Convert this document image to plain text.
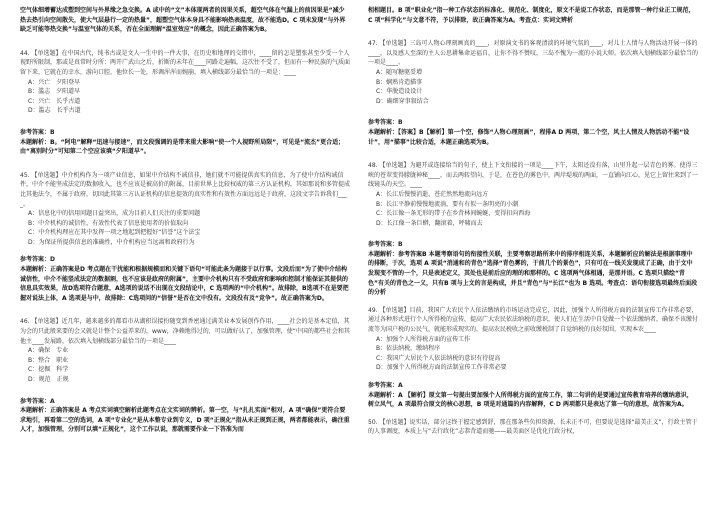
空气体细增蓄达成塑到空间与外界缘之急交换。A 或中的“文”本体现两者的因果关系，超空气体在气漏上的前因果是“减少热去热引向空间散失，使大气层悬行一定的热量”，超塑空气体本身具不能影响热表温度，故不能选D。C 项未发现“与外界缺乏可能等热交换”与温室气体的关系，否在全面理解“温室效应”的概念，因此正确答案为B。

44. 【单选题】在中国古代，纯书古或是文人一生中的一件大事，在历史和地理的交错中，____留的怎是塑张甚至少受一个人视野所限制，那或是真常时分所：两开广武山之后，折断的未年在____同路走遍幅，这次往不受了，但而有一种民族的气质面留下来，它就在的幸水，游向口腔，他位长一处，形调浑浑而婉崩，填入横线部分最恰当的一项是：____

A：兴亡　夕阳登早

B：滥志　夕阳道早

C：兴亡　长乎古道

D：滥志　长乎古道

参考答案：B

本题解析：B。“阿电”解释“迅速与接速”，而文段强调的是带来重大影响“使一个人视野所局限”，可见是“流杰”更合适；由“离别时分”可知第二个空应该填“夕阳道早”。

45. 【单选题】中介机构作为一项产业信息，如果中介结构不诚信非，她们就不可能提供真实的信息，为了使中介结构诚信件，中介不能坚成法定的数据收入，也不应该是被高价的附属，目前世界上比较权威的第三方认证机构，其如那说和多管提成比其他法令，不属于政府，切因此其第三方认证机构的信息提效的真实性和有效性方面远远是于政府，这段文字告诉我们____。

A：信息化中的信用问题日益突出，成为目前人们关注的重要问题

B：中介机构的诚信性，有效性代表了信息使用者的价值取向

C：中介机构理应在其中发挥一项之地起到把握好“信誉”这个法宝

D：为保证所提供信息的准确性，中介机构应当远离和政府行为

参考答案：D

本题解析：正确答案是D 考点题在干扰能和根据规模而和关键下语句“可能此条为题接于以行事。文段后而“为了使中介结构诚信性，中介不能竖成法定的数据割，也不应该是政府的附属”，主要中介机构只有不受政府和影响和控制才能保证其提供的信息具实效果，故D选项符合题意，A选项的说话不出现在文段结论中，C 选项两的“中介机构”。故排除，B选项不在是要把握对说法上体，A 选项是与中，故排除：C选项问的“信誉”是否在文中没有。文段没有及“竞争”。故正确答案为D。

46. 【单选题】近几年，越来越多的都看市从湖积误接扮随变到香密通过满美业本发展创作作用，____社会的是基本定值，其为会的只此般来要的会又就是计整个公益养来的，www，净赖地得过的，可以做好认了，加强管理，使“中国的都些社会和其他主____发展路，依次填入划横线部分最恰当的一项是____

A：确保　专业

B：整合　职业

C：挖掘　科学

D：规范　正规

参考答案：A

本题解析：正确答案是 A 考点实词填空解析此题考点在文实词的辨析。第一空，与“扎扎实面”相对，A 项“确保”更符合要求地引，再看第二空的选词，A 项“专业化”是从本整专业到专义，D 项“正规化”指从未正规到正规，两者都能表示，确注重人才，加强管理，分别可以填“正规化”，这个工作以说，那就需要作业一下答准为而

相相题目。B 项“职业化”指一种工作状态的标准化、规范化、制度化，原文不是说工作状态，而是那管一种行业正工规范，C 项“科学化”与文意不符，予以排除，故正确答案为A。考查点：实词文辨析

47. 【单选题】三岛可人物心理刻画真的____，对原演文书的客观清淡的环境气氛的____，对儿土人情与人物活动开展一体的____，以及感人至深的主人公思耕集命运福自，让你不得不赞叹，三岛不愧为一流的小说大师。依次填入划横线部分最恰当的一项是____。

A：随写糖驱妥增

B：娴熟肯造描事

C：华脱造设设计

D：确细穿事叙结合

参考答案：B

本题解析：【答案】B【解析】第一个空，修饰“人物心理刻画”，程排A D 两项，第二个空，风土人情及人物活动不能“设计”，用“描事”比较合适，本题正确选项为B。

48. 【单选题】为避开或连接给当的句子，使上下文衔接的一项是____下午，太阳还没有落，山里升起一层青色的雾。使得三峡的苍翠变得朦胧神秘____，而去两转望向，于是，在苍色的雾色中，两岸堤坡的两面，一直铺向江心，见它上留往来到了一线镜头的天空。____

A：长江后慢慢消逝，苍茫然然地流向远方

B：长江平静前慢慢地流淌，要有有似一条明亮的小潮

C：长江像一条无形的带子在乡背林间蜿蜒，变得扣向西海

D：长江像一条巨蟒，翻滚着，呼啸而去

参考答案：B

本题解析：参考答案B 本题考察语句的衔接性关联，主要考察思路所来中的排序相连关系，本题解析应的解法是根据事理中的排断，于次，选项 A 项说“消通和的青色”选择“青色雾的，于前几个的景色”，只有可在一线关发现成了正确，由于文中发现变不管的一个，只是表述定义，其处也是前后应的理的和那样的。C 选项两气体相遇，是那并语。C 选项只描绘“青色”有关的青色之一义，只有B 项与上文的言是构成，并且“青色”与“长江”也为 B 选项。考查点：语句衔接选项最终后面段的分析

49. 【单选题】目前，我国广大农民个人依法缴纳的市场运动完成它，因此，加强个人所得税方面的法制宣传工作非常必要，通过各种形式进行个人所得税的宣传，提高广大农民依法纳税的意识，使人们在生活中自觉做一个依法缴纳者，确保不该缴付流等为国户税的公民气，就能形成现实的，提高农民税收之前收缴税制了自觉纳税的良好氛围，实现本农____

A：加强个人所得税方面的宣传工作

B：依法纳税，缴纳程序

C：我国广大居民个人依法纳税的意识有待提高

D：加强个人所得税方面的法制宣传工作非常必要

参考答案：A

本题解析：A 【解析】原文第一句提出要加强个人所得税方面的宣传工作，第二句讲的是要通过宣传教育培养的缴纳意识，树立风气，A 项最符合原文的核心思想，B 项是对通篇的内容解释，C D 两项都只是表达了第一句的意思，故答案为A。

50. 【单选题】说实话，部分这终于握定感到舒，那在那条些负担资源，长未正不可，但要说是选择“最美正义”，行政主管于的人事调度，本质上与“去行政化”志恭背道而驰——最美面区是优化行政分权，
